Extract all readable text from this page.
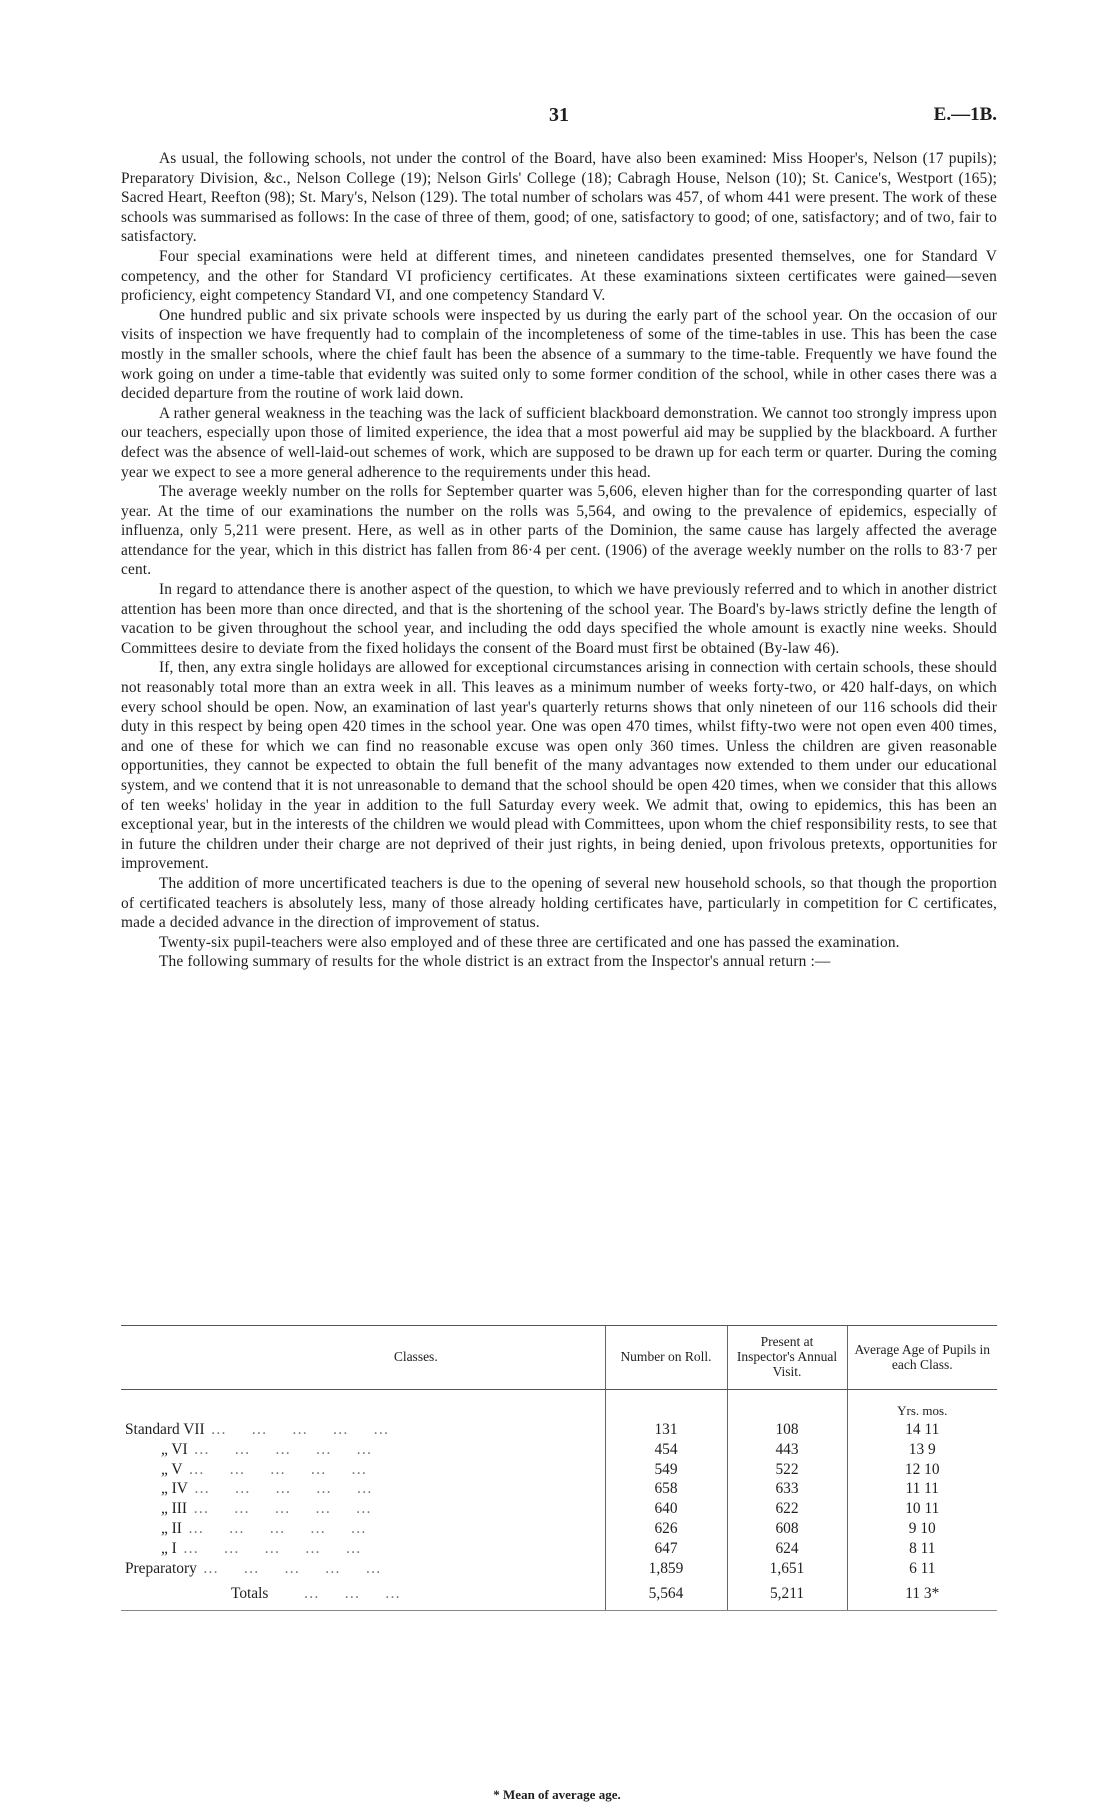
31	E.—1B.

As usual, the following schools, not under the control of the Board, have also been examined: Miss Hooper's, Nelson (17 pupils); Preparatory Division, &c., Nelson College (19); Nelson Girls' College (18); Cabragh House, Nelson (10); St. Canice's, Westport (165); Sacred Heart, Reefton (98); St. Mary's, Nelson (129). The total number of scholars was 457, of whom 441 were present. The work of these schools was summarised as follows: In the case of three of them, good; of one, satisfactory to good; of one, satisfactory; and of two, fair to satisfactory.

Four special examinations were held at different times, and nineteen candidates presented themselves, one for Standard V competency, and the other for Standard VI proficiency certificates. At these examinations sixteen certificates were gained—seven proficiency, eight competency Standard VI, and one competency Standard V.

One hundred public and six private schools were inspected by us during the early part of the school year. On the occasion of our visits of inspection we have frequently had to complain of the incompleteness of some of the time-tables in use. This has been the case mostly in the smaller schools, where the chief fault has been the absence of a summary to the time-table. Frequently we have found the work going on under a time-table that evidently was suited only to some former condition of the school, while in other cases there was a decided departure from the routine of work laid down.

A rather general weakness in the teaching was the lack of sufficient blackboard demonstration. We cannot too strongly impress upon our teachers, especially upon those of limited experience, the idea that a most powerful aid may be supplied by the blackboard. A further defect was the absence of well-laid-out schemes of work, which are supposed to be drawn up for each term or quarter. During the coming year we expect to see a more general adherence to the requirements under this head.

The average weekly number on the rolls for September quarter was 5,606, eleven higher than for the corresponding quarter of last year. At the time of our examinations the number on the rolls was 5,564, and owing to the prevalence of epidemics, especially of influenza, only 5,211 were present. Here, as well as in other parts of the Dominion, the same cause has largely affected the average attendance for the year, which in this district has fallen from 86·4 per cent. (1906) of the average weekly number on the rolls to 83·7 per cent.

In regard to attendance there is another aspect of the question, to which we have previously referred and to which in another district attention has been more than once directed, and that is the shortening of the school year. The Board's by-laws strictly define the length of vacation to be given throughout the school year, and including the odd days specified the whole amount is exactly nine weeks. Should Committees desire to deviate from the fixed holidays the consent of the Board must first be obtained (By-law 46).

If, then, any extra single holidays are allowed for exceptional circumstances arising in connection with certain schools, these should not reasonably total more than an extra week in all. This leaves as a minimum number of weeks forty-two, or 420 half-days, on which every school should be open. Now, an examination of last year's quarterly returns shows that only nineteen of our 116 schools did their duty in this respect by being open 420 times in the school year. One was open 470 times, whilst fifty-two were not open even 400 times, and one of these for which we can find no reasonable excuse was open only 360 times. Unless the children are given reasonable opportunities, they cannot be expected to obtain the full benefit of the many advantages now extended to them under our educational system, and we contend that it is not unreasonable to demand that the school should be open 420 times, when we consider that this allows of ten weeks' holiday in the year in addition to the full Saturday every week. We admit that, owing to epidemics, this has been an exceptional year, but in the interests of the children we would plead with Committees, upon whom the chief responsibility rests, to see that in future the children under their charge are not deprived of their just rights, in being denied, upon frivolous pretexts, opportunities for improvement.

The addition of more uncertificated teachers is due to the opening of several new household schools, so that though the proportion of certificated teachers is absolutely less, many of those already holding certificates have, particularly in competition for C certificates, made a decided advance in the direction of improvement of status.

Twenty-six pupil-teachers were also employed and of these three are certificated and one has passed the examination.

The following summary of results for the whole district is an extract from the Inspector's annual return :—

Classes.	Number on Roll.	Present at Inspector's Annual Visit.	Average Age of Pupils in each Class.

			Yrs. mos.
Standard VII …     …     …     …     …	131	108	14 11
„ VI …     …     …     …     …	454	443	13 9
„ V …     …     …     …     …	549	522	12 10
„ IV …     …     …     …     …	658	633	11 11
„ III …     …     …     …     …	640	622	10 11
„ II …     …     …     …     …	626	608	9 10
„ I …     …     …     …     …	647	624	8 11
Preparatory …     …     …     …     …	1,859	1,651	6 11
Totals      …     …     …	5,564	5,211	11 3*
* Mean of average age.
